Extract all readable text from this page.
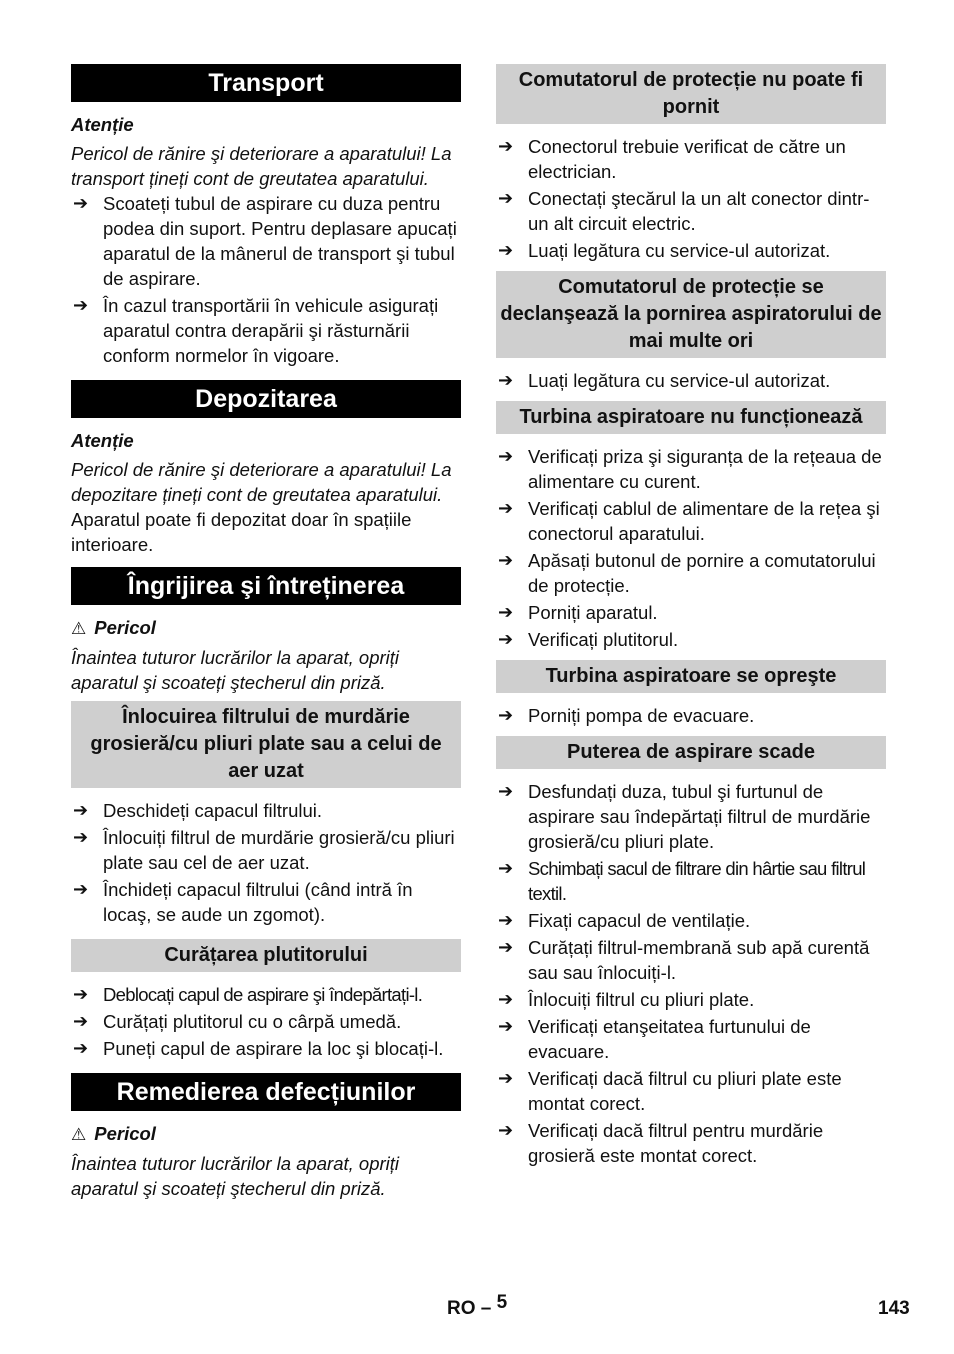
Transport
Atenție

Pericol de rănire şi deteriorare a aparatului! La transport țineți cont de greutatea aparatului.

➔ Scoateți tubul de aspirare cu duza pentru podea din suport. Pentru deplasare apucați aparatul de la mânerul de transport şi tubul de aspirare.
➔ În cazul transportării în vehicule asigurați aparatul contra derapării şi răsturnării conform normelor în vigoare.
Depozitarea
Atenție

Pericol de rănire şi deteriorare a aparatului! La depozitare țineți cont de greutatea aparatului.

Aparatul poate fi depozitat doar în spațiile interioare.

Îngrijirea şi întreținerea
⚠ Pericol

Înaintea tuturor lucrărilor la aparat, opriți aparatul şi scoateți ştecherul din priză.

Înlocuirea filtrului de murdărie grosieră/cu pliuri plate sau a celui de aer uzat
➔ Deschideți capacul filtrului.
➔ Înlocuiți filtrul de murdărie grosieră/cu pliuri plate sau cel de aer uzat.
➔ Închideți capacul filtrului (când intră în locaş, se aude un zgomot).
Curățarea plutitorului
➔ Deblocați capul de aspirare şi îndepărtați-l.
➔ Curățați plutitorul cu o cârpă umedă.
➔ Puneți capul de aspirare la loc şi blocați-l.
Remedierea defecțiunilor
⚠ Pericol

Înaintea tuturor lucrărilor la aparat, opriți aparatul şi scoateți ştecherul din priză.

Comutatorul de protecție nu poate fi pornit
➔ Conectorul trebuie verificat de către un electrician.
➔ Conectați ştecărul la un alt conector dintr-un alt circuit electric.
➔ Luați legătura cu service-ul autorizat.
Comutatorul de protecție se declanşează la pornirea aspiratorului de mai multe ori
➔ Luați legătura cu service-ul autorizat.
Turbina aspiratoare nu funcționează
➔ Verificați priza şi siguranța de la rețeaua de alimentare cu curent.
➔ Verificați cablul de alimentare de la rețea şi conectorul aparatului.
➔ Apăsați butonul de pornire a comutatorului de protecție.
➔ Porniți aparatul.
➔ Verificați plutitorul.
Turbina aspiratoare se opreşte
➔ Porniți pompa de evacuare.
Puterea de aspirare scade
➔ Desfundați duza, tubul şi furtunul de aspirare sau îndepărtați filtrul de murdărie grosieră/cu pliuri plate.
➔ Schimbați sacul de filtrare din hârtie sau filtrul textil.
➔ Fixați capacul de ventilație.
➔ Curățați filtrul-membrană sub apă curentă sau sau înlocuiți-l.
➔ Înlocuiți filtrul cu pliuri plate.
➔ Verificați etanşeitatea furtunului de evacuare.
➔ Verificați dacă filtrul cu pliuri plate este montat corect.
➔ Verificați dacă filtrul pentru murdărie grosieră este montat corect.
RO – 5	143
